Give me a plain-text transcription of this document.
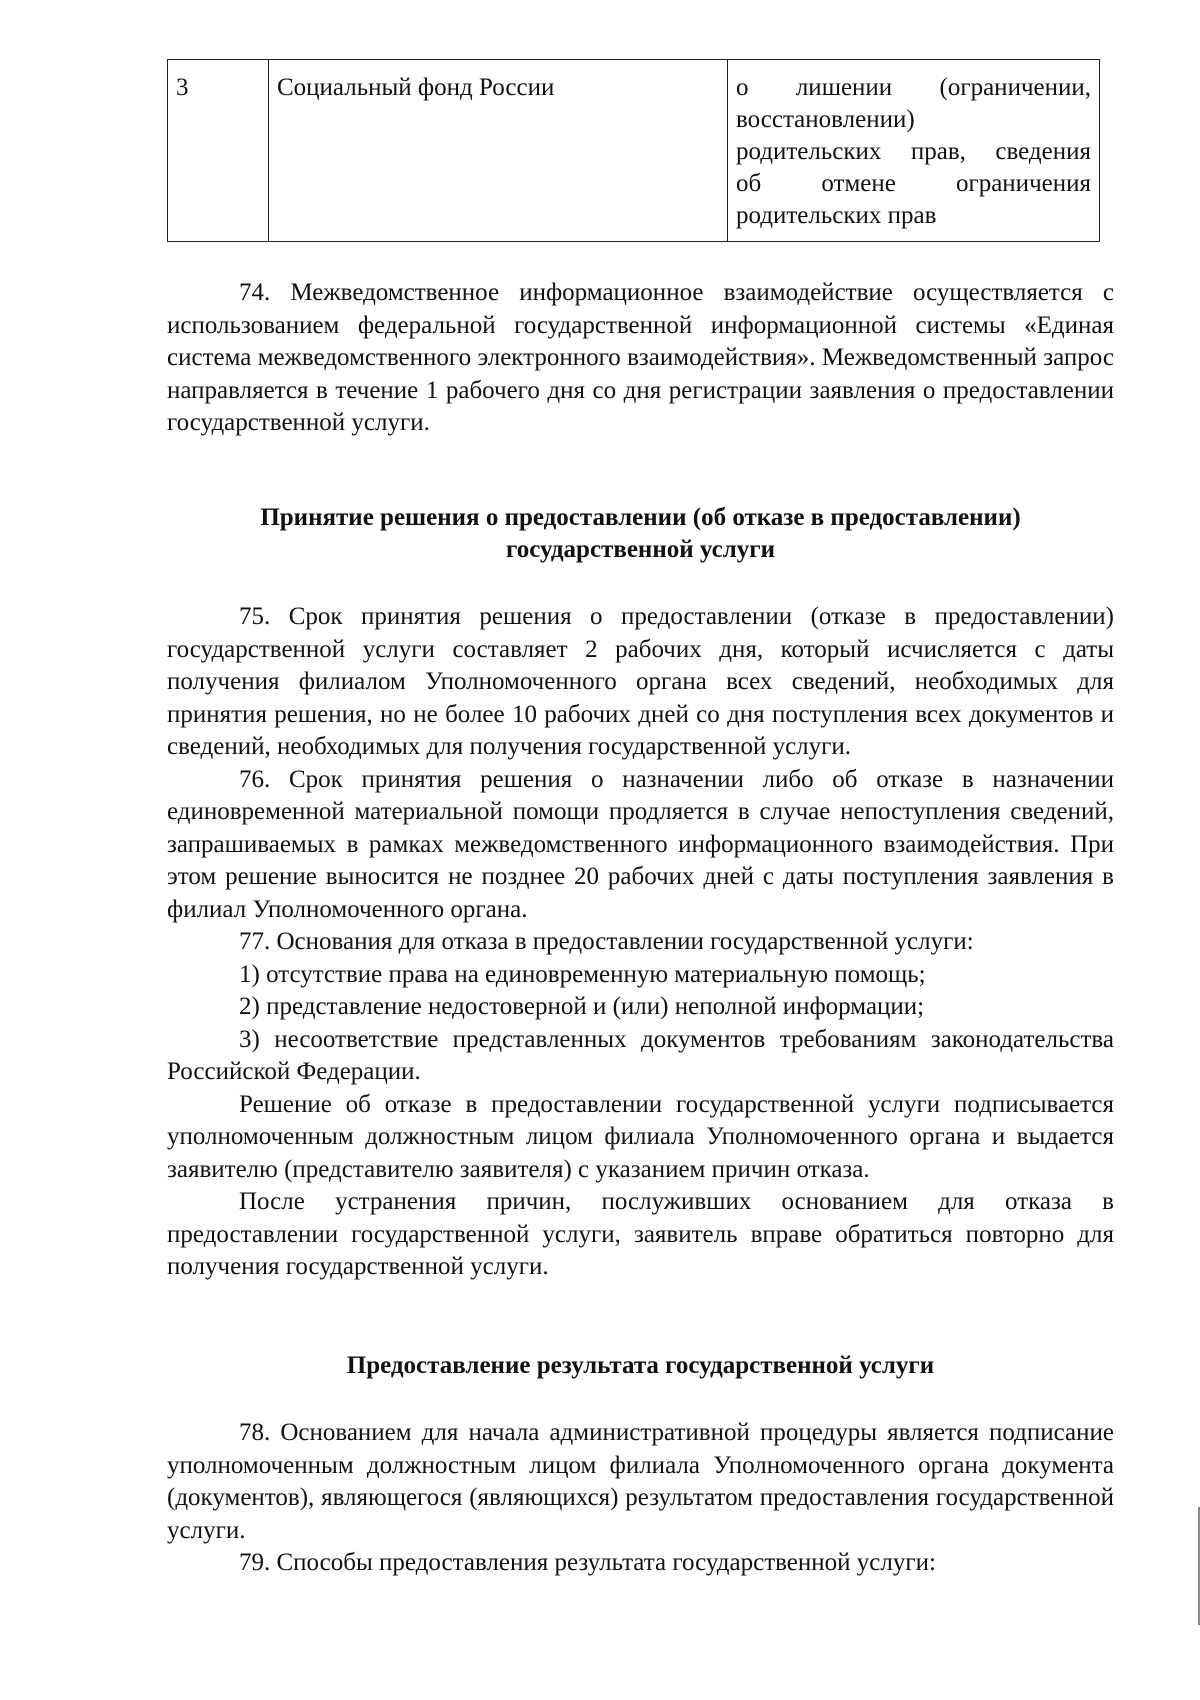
3	Социальный фонд России	о лишении (ограничении,
восстановлении)
родительских прав, сведения
об отмене ограничения
родительских прав

74. Межведомственное информационное взаимодействие осуществляется с использованием федеральной государственной информационной системы «Единая система межведомственного электронного взаимодействия». Межведомственный запрос направляется в течение 1 рабочего дня со дня регистрации заявления о предоставлении государственной услуги.

Принятие решения о предоставлении (об отказе в предоставлении)
государственной услуги

75. Срок принятия решения о предоставлении (отказе в предоставлении) государственной услуги составляет 2 рабочих дня, который исчисляется с даты получения филиалом Уполномоченного органа всех сведений, необходимых для принятия решения, но не более 10 рабочих дней со дня поступления всех документов и сведений, необходимых для получения государственной услуги.

76. Срок принятия решения о назначении либо об отказе в назначении единовременной материальной помощи продляется в случае непоступления сведений, запрашиваемых в рамках межведомственного информационного взаимодействия. При этом решение выносится не позднее 20 рабочих дней с даты поступления заявления в филиал Уполномоченного органа.

77. Основания для отказа в предоставлении государственной услуги:

1) отсутствие права на единовременную материальную помощь;

2) представление недостоверной и (или) неполной информации;

3) несоответствие представленных документов требованиям законодательства Российской Федерации.

Решение об отказе в предоставлении государственной услуги подписывается уполномоченным должностным лицом филиала Уполномоченного органа и выдается заявителю (представителю заявителя) с указанием причин отказа.

После устранения причин, послуживших основанием для отказа в предоставлении государственной услуги, заявитель вправе обратиться повторно для получения государственной услуги.

Предоставление результата государственной услуги

78. Основанием для начала административной процедуры является подписание уполномоченным должностным лицом филиала Уполномоченного органа документа (документов), являющегося (являющихся) результатом предоставления государственной услуги.

79. Способы предоставления результата государственной услуги:
